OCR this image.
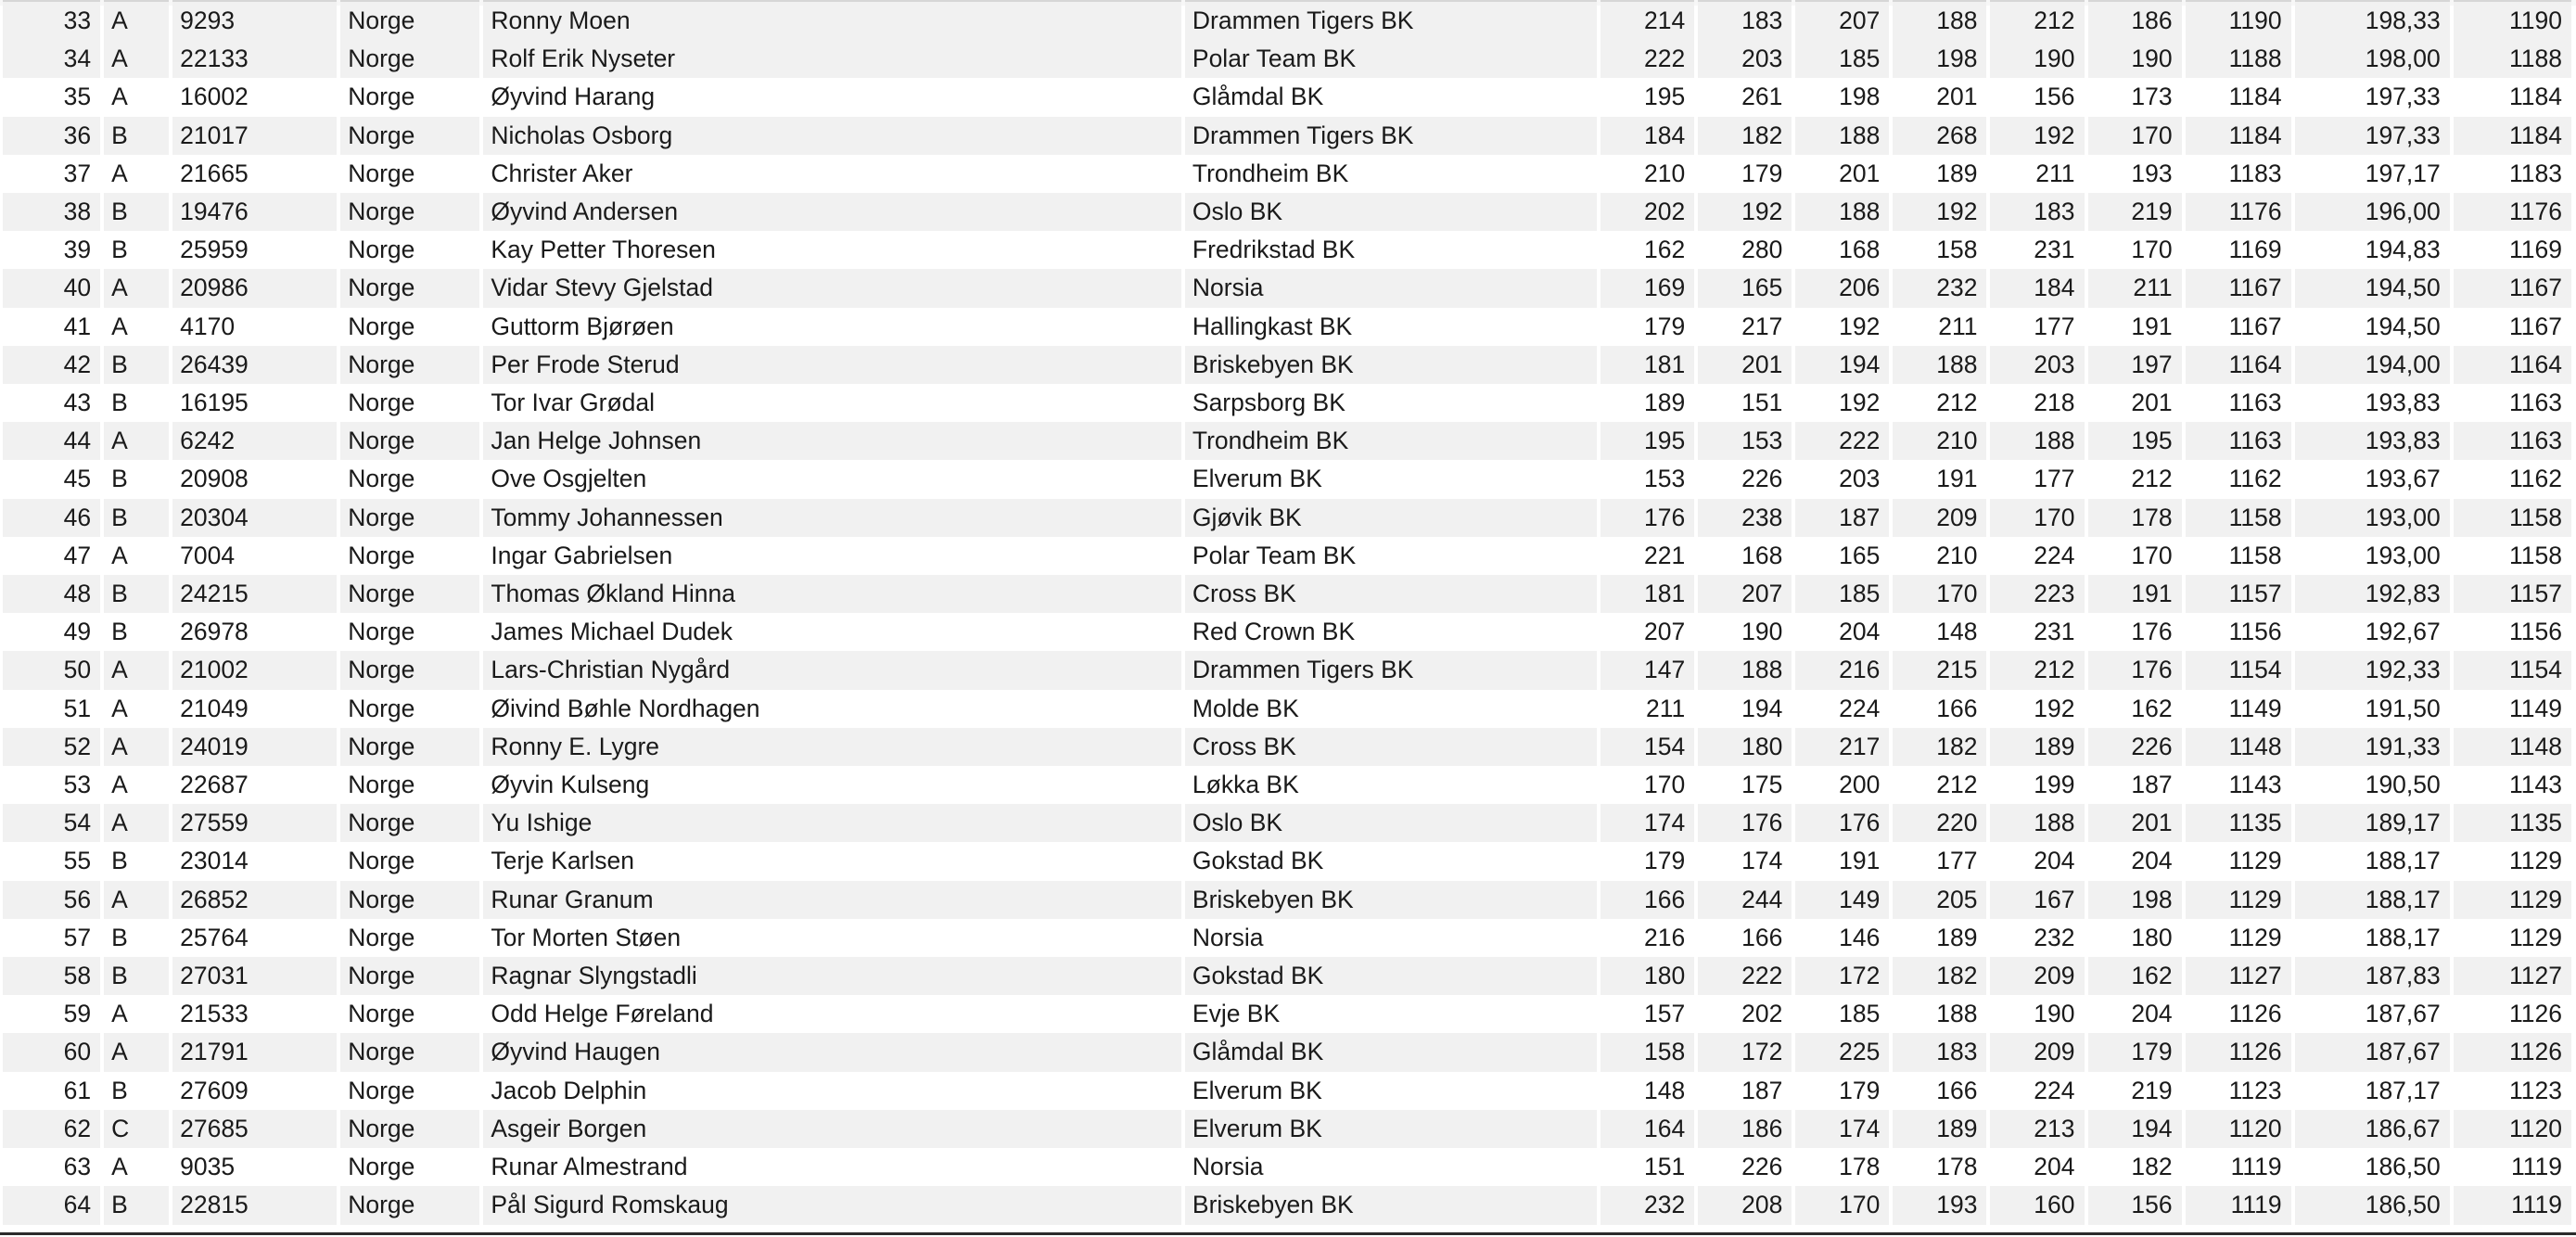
33	A	9293	Norge	Ronny Moen	Drammen Tigers BK	214	183	207	188	212	186	1190	198,33	1190
34	A	22133	Norge	Rolf Erik Nyseter	Polar Team BK	222	203	185	198	190	190	1188	198,00	1188
35	A	16002	Norge	Øyvind Harang	Glåmdal BK	195	261	198	201	156	173	1184	197,33	1184
36	B	21017	Norge	Nicholas Osborg	Drammen Tigers BK	184	182	188	268	192	170	1184	197,33	1184
37	A	21665	Norge	Christer Aker	Trondheim BK	210	179	201	189	211	193	1183	197,17	1183
38	B	19476	Norge	Øyvind Andersen	Oslo BK	202	192	188	192	183	219	1176	196,00	1176
39	B	25959	Norge	Kay Petter Thoresen	Fredrikstad BK	162	280	168	158	231	170	1169	194,83	1169
40	A	20986	Norge	Vidar Stevy Gjelstad	Norsia	169	165	206	232	184	211	1167	194,50	1167
41	A	4170	Norge	Guttorm Bjørøen	Hallingkast BK	179	217	192	211	177	191	1167	194,50	1167
42	B	26439	Norge	Per Frode Sterud	Briskebyen BK	181	201	194	188	203	197	1164	194,00	1164
43	B	16195	Norge	Tor Ivar Grødal	Sarpsborg BK	189	151	192	212	218	201	1163	193,83	1163
44	A	6242	Norge	Jan Helge Johnsen	Trondheim BK	195	153	222	210	188	195	1163	193,83	1163
45	B	20908	Norge	Ove Osgjelten	Elverum BK	153	226	203	191	177	212	1162	193,67	1162
46	B	20304	Norge	Tommy Johannessen	Gjøvik BK	176	238	187	209	170	178	1158	193,00	1158
47	A	7004	Norge	Ingar Gabrielsen	Polar Team BK	221	168	165	210	224	170	1158	193,00	1158
48	B	24215	Norge	Thomas Økland Hinna	Cross BK	181	207	185	170	223	191	1157	192,83	1157
49	B	26978	Norge	James Michael Dudek	Red Crown BK	207	190	204	148	231	176	1156	192,67	1156
50	A	21002	Norge	Lars-Christian Nygård	Drammen Tigers BK	147	188	216	215	212	176	1154	192,33	1154
51	A	21049	Norge	Øivind Bøhle Nordhagen	Molde BK	211	194	224	166	192	162	1149	191,50	1149
52	A	24019	Norge	Ronny E. Lygre	Cross BK	154	180	217	182	189	226	1148	191,33	1148
53	A	22687	Norge	Øyvin Kulseng	Løkka BK	170	175	200	212	199	187	1143	190,50	1143
54	A	27559	Norge	Yu Ishige	Oslo BK	174	176	176	220	188	201	1135	189,17	1135
55	B	23014	Norge	Terje Karlsen	Gokstad BK	179	174	191	177	204	204	1129	188,17	1129
56	A	26852	Norge	Runar Granum	Briskebyen BK	166	244	149	205	167	198	1129	188,17	1129
57	B	25764	Norge	Tor Morten Støen	Norsia	216	166	146	189	232	180	1129	188,17	1129
58	B	27031	Norge	Ragnar Slyngstadli	Gokstad BK	180	222	172	182	209	162	1127	187,83	1127
59	A	21533	Norge	Odd Helge Føreland	Evje BK	157	202	185	188	190	204	1126	187,67	1126
60	A	21791	Norge	Øyvind Haugen	Glåmdal BK	158	172	225	183	209	179	1126	187,67	1126
61	B	27609	Norge	Jacob Delphin	Elverum BK	148	187	179	166	224	219	1123	187,17	1123
62	C	27685	Norge	Asgeir Borgen	Elverum BK	164	186	174	189	213	194	1120	186,67	1120
63	A	9035	Norge	Runar Almestrand	Norsia	151	226	178	178	204	182	1119	186,50	1119
64	B	22815	Norge	Pål Sigurd Romskaug	Briskebyen BK	232	208	170	193	160	156	1119	186,50	1119
